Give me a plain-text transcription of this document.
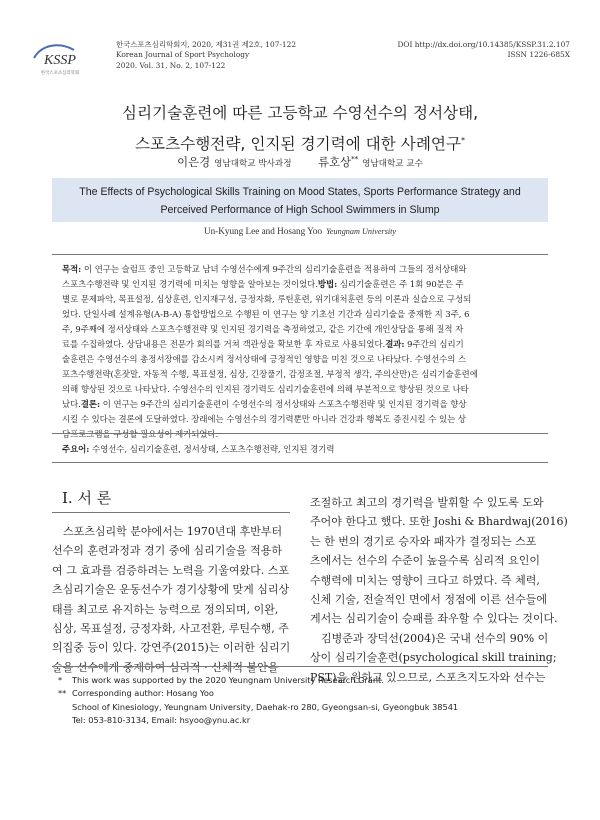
KSSP
한국스포츠심리학회
한국스포츠심리학회지, 2020, 제31권 제2호, 107-122
Korean Journal of Sport Psychology
2020. Vol. 31, No. 2, 107-122
DOI http://dx.doi.org/10.14385/KSSP.31.2.107
ISSN 1226-685X
심리기술훈련에 따른 고등학교 수영선수의 정서상태,
스포츠수행전략, 인지된 경기력에 대한 사례연구*
이은경 영남대학교 박사과정 류호상** 영남대학교 교수
The Effects of Psychological Skills Training on Mood States, Sports Performance Strategy and
Perceived Performance of High School Swimmers in Slump
Un-Kyung Lee and Hosang Yoo Yeungnam University
목적: 이 연구는 슬럼프 중인 고등학교 남녀 수영선수에게 9주간의 심리기술훈련을 적용하여 그들의 정서상태와
스포츠수행전략 및 인지된 경기력에 미치는 영향을 알아보는 것이었다.방법: 심리기술훈련은 주 1회 90분은 주
별로 문제파악, 목표설정, 심상훈련, 인지재구성, 긍정자화, 루틴훈련, 위기대처훈련 등의 이론과 실습으로 구성되
었다. 단일사례 설계유형(A-B-A) 통합방법으로 수행된 이 연구는 양 기초선 기간과 심리기술을 중재한 지 3주, 6
주, 9주째에 정서상태와 스포츠수행전략 및 인지된 경기력을 측정하였고, 같은 기간에 개인상담을 통해 질적 자
료를 수집하였다. 상담내용은 전문가 회의를 거쳐 객관성을 확보한 후 자료로 사용되었다.결과: 9주간의 심리기
술훈련은 수영선수의 총정서장애를 감소시켜 정서상태에 긍정적인 영향을 미친 것으로 나타났다. 수영선수의 스
포츠수행전략(혼잣말, 자동적 수행, 목표설정, 심상, 긴장풀기, 감정조절, 부정적 생각, 주의산만)은 심리기술훈련에
의해 향상된 것으로 나타났다. 수영선수의 인지된 경기력도 심리기술훈련에 의해 부분적으로 향상된 것으로 나타
났다.결론: 이 연구는 9주간의 심리기술훈련이 수영선수의 정서상태와 스포츠수행전략 및 인지된 경기력을 향상
시킬 수 있다는 결론에 도달하였다. 장래에는 수영선수의 경기력뿐만 아니라 건강과 행복도 증진시킬 수 있는 상
담프로그램을 구성할 필요성이 제기되었다.
주요어: 수영선수, 심리기술훈련, 정서상태, 스포츠수행전략, 인지된 경기력
Ⅰ. 서 론
스포츠심리학 분야에서는 1970년대 후반부터
선수의 훈련과정과 경기 중에 심리기술을 적용하
여 그 효과를 검증하려는 노력을 기울여왔다. 스포
츠심리기술은 운동선수가 경기상황에 맞게 심리상
태를 최고로 유지하는 능력으로 정의되며, 이완,
심상, 목표설정, 긍정자화, 사고전환, 루틴수행, 주
의집중 등이 있다. 강연주(2015)는 이러한 심리기
술을 선수에게 중재하여 심리적 · 신체적 불안을
조절하고 최고의 경기력을 발휘할 수 있도록 도와
주어야 한다고 했다. 또한 Joshi & Bhardwaj(2016)
는 한 번의 경기로 승자와 패자가 결정되는 스포
츠에서는 선수의 수준이 높을수록 심리적 요인이
수행력에 미치는 영향이 크다고 하였다. 즉 체력,
신체 기술, 전술적인 면에서 정점에 이른 선수들에
게서는 심리기술이 승패를 좌우할 수 있다는 것이다.
김병준과 장덕선(2004)은 국내 선수의 90% 이
상이 심리기술훈련(psychological skill training;
PST)을 원하고 있으므로, 스포츠지도자와 선수는
* This work was supported by the 2020 Yeungnam University Research Grant.
** Corresponding author: Hosang Yoo
School of Kinesiology, Yeungnam University, Daehak-ro 280, Gyeongsan-si, Gyeongbuk 38541
Tel: 053-810-3134, Email: hsyoo@ynu.ac.kr
